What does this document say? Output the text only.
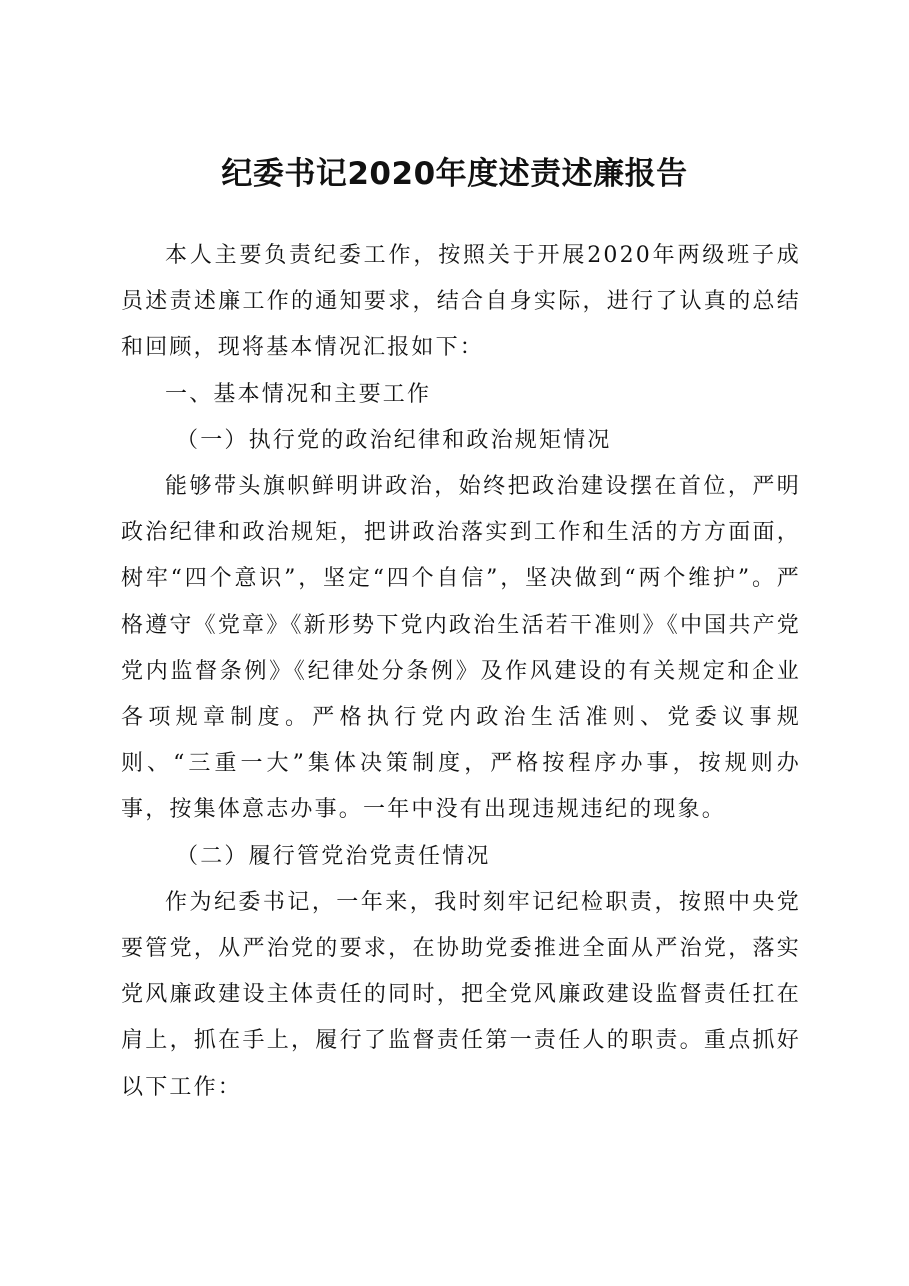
纪委书记2020年度述责述廉报告

本人主要负责纪委工作，按照关于开展2020年两级班子成员述责述廉工作的通知要求，结合自身实际，进行了认真的总结和回顾，现将基本情况汇报如下：

一、基本情况和主要工作

（一）执行党的政治纪律和政治规矩情况

能够带头旗帜鲜明讲政治，始终把政治建设摆在首位，严明政治纪律和政治规矩，把讲政治落实到工作和生活的方方面面，树牢“四个意识”，坚定“四个自信”，坚决做到“两个维护”。严格遵守《党章》《新形势下党内政治生活若干准则》《中国共产党党内监督条例》《纪律处分条例》及作风建设的有关规定和企业各项规章制度。严格执行党内政治生活准则、党委议事规则、“三重一大”集体决策制度，严格按程序办事，按规则办事，按集体意志办事。一年中没有出现违规违纪的现象。

（二）履行管党治党责任情况

作为纪委书记，一年来，我时刻牢记纪检职责，按照中央党要管党，从严治党的要求，在协助党委推进全面从严治党，落实党风廉政建设主体责任的同时，把全党风廉政建设监督责任扛在肩上，抓在手上，履行了监督责任第一责任人的职责。重点抓好以下工作：
